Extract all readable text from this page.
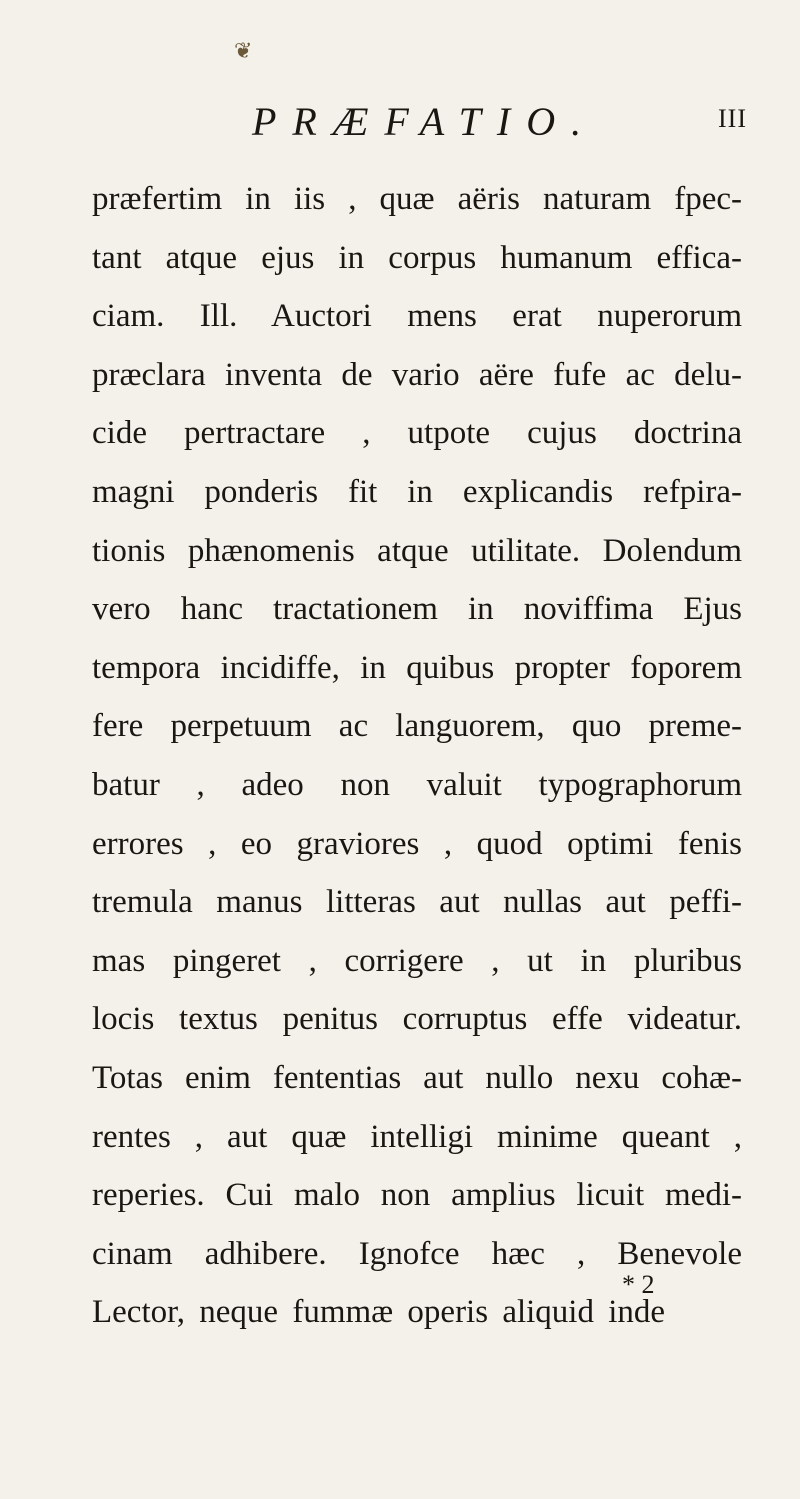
❦
PRÆFATIO.	III
præfertim in iis , quæ aëris naturam fpec-
tant atque ejus in corpus humanum effica-
ciam. Ill. Auctori mens erat nuperorum
præclara inventa de vario aëre fufe ac delu-
cide pertractare , utpote cujus doctrina
magni ponderis fit in explicandis refpira-
tionis phænomenis atque utilitate. Dolendum
vero hanc tractationem in noviffima Ejus
tempora incidiffe, in quibus propter foporem
fere perpetuum ac languorem, quo preme-
batur , adeo non valuit typographorum
errores , eo graviores , quod optimi fenis
tremula manus litteras aut nullas aut peffi-
mas pingeret , corrigere , ut in pluribus
locis textus penitus corruptus effe videatur.
Totas enim fententias aut nullo nexu cohæ-
rentes , aut quæ intelligi minime queant ,
reperies. Cui malo non amplius licuit medi-
cinam adhibere. Ignofce hæc , Benevole
Lector, neque fummæ operis aliquid inde
* 2
